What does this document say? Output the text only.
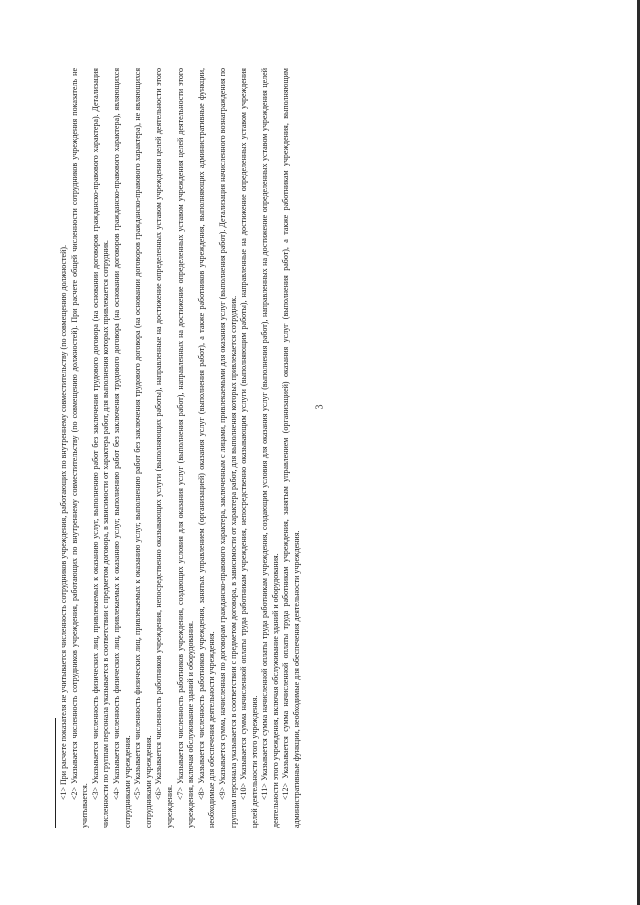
3

<1> При расчете показателя не учитывается численность сотрудников учреждения, работающих по внутреннему совместительству (по совмещению должностей).

<2> Указывается численность сотрудников учреждения, работающих по внутреннему совместительству (по совмещению должностей). При расчете общей численности сотрудников учреждения показатель не учитывается. <3> Указывается численность физических лиц, привлекаемых к оказанию услуг, выполнению работ без заключения трудового договора (на основании договоров гражданско-правового характера). Детализация численности по группам персонала указывается в соответствии с предметом договора, в зависимости от характера работ, для выполнения которых привлекается сотрудник. <4> Указывается численность физических лиц, привлекаемых к оказанию услуг, выполнению работ без заключения трудового договора (на основании договоров гражданско-правового характера), являющихся сотрудниками учреждения. <5> Указывается численность физических лиц, привлекаемых к оказанию услуг, выполнению работ без заключения трудового договора (на основании договоров гражданско-правового характера), не являющихся сотрудниками учреждения. <6> Указывается численность работников учреждения, непосредственно оказывающих услуги (выполняющих работы), направленные на достижение определенных уставом учреждения целей деятельности этого учреждения. <7> Указывается численность работников учреждения, создающих условия для оказания услуг (выполнения работ), направленных на достижение определенных уставом учреждения целей деятельности этого учреждения, включая обслуживание зданий и оборудования. <8> Указывается численность работников учреждения, занятых управлением (организацией) оказания услуг (выполнения работ), а также работников учреждения, выполняющих административные функции, необходимые для обеспечения деятельности учреждения. <9> Указывается сумма, начисленная по договорам гражданско-правового характера, заключенным с лицами, привлекаемыми для оказания услуг (выполнения работ). Детализация начисленного вознаграждения по группам персонала указывается в соответствии с предметом договора, в зависимости от характера работ, для выполнения которых привлекается сотрудник. <10> Указывается сумма начисленной оплаты труда работникам учреждения, непосредственно оказывающим услуги (выполняющим работы), направленные на достижение определенных уставом учреждения целей деятельности этого учреждения. <11> Указывается сумма начисленной оплаты труда работникам учреждения, создающим условия для оказания услуг (выполнения работ), направленных на достижение определенных уставом учреждения целей деятельности этого учреждения, включая обслуживание зданий и оборудования. <12> Указывается сумма начисленной оплаты труда работникам учреждения, занятым управлением (организацией) оказания услуг (выполнения работ), а также работникам учреждения, выполняющим административные функции, необходимые для обеспечения деятельности учреждения.
